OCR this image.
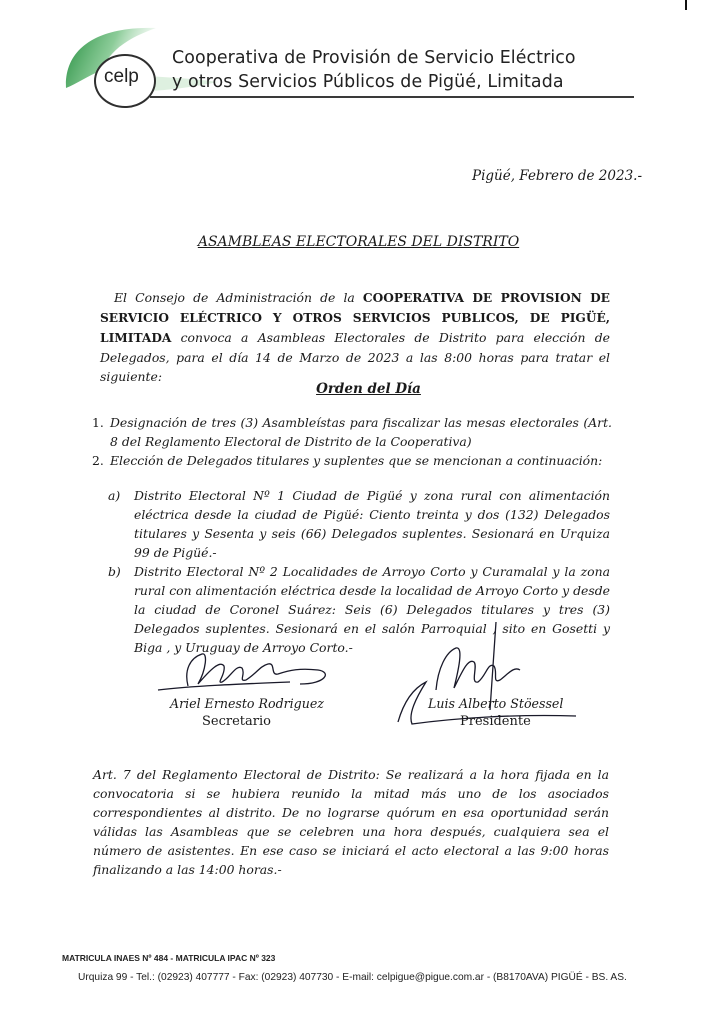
celp
Cooperativa de Provisión de Servicio Eléctrico
y otros Servicios Públicos de Pigüé, Limitada
Pigüé, Febrero de 2023.-
ASAMBLEAS ELECTORALES DEL DISTRITO
El Consejo de Administración de la COOPERATIVA DE PROVISION DE SERVICIO ELÉCTRICO Y OTROS SERVICIOS PUBLICOS, DE PIGÜÉ, LIMITADA convoca a Asambleas Electorales de Distrito para elección de Delegados, para el día 14 de Marzo de 2023 a las 8:00 horas para tratar el siguiente:
Orden del Día
1. Designación de tres (3) Asambleístas para fiscalizar las mesas electorales (Art. 8 del Reglamento Electoral de Distrito de la Cooperativa)
2. Elección de Delegados titulares y suplentes que se mencionan a continuación:
a)	Distrito Electoral Nº 1 Ciudad de Pigüé y zona rural con alimentación eléctrica desde la ciudad de Pigüé: Ciento treinta y dos (132) Delegados titulares y Sesenta y seis (66) Delegados suplentes. Sesionará en Urquiza 99 de Pigüé.-
b)	Distrito Electoral Nº 2 Localidades de Arroyo Corto y Curamalal y la zona rural con alimentación eléctrica desde la localidad de Arroyo Corto y desde la ciudad de Coronel Suárez: Seis (6) Delegados titulares y tres (3) Delegados suplentes. Sesionará en el salón Parroquial , sito en Gosetti y Biga , y Uruguay de Arroyo Corto.-
Ariel Ernesto Rodriguez
Secretario
Luis Alberto Stöessel
Presidente
Art. 7 del Reglamento Electoral de Distrito: Se realizará a la hora fijada en la convocatoria si se hubiera reunido la mitad más uno de los asociados correspondientes al distrito. De no lograrse quórum en esa oportunidad serán válidas las Asambleas que se celebren una hora después, cualquiera sea el número de asistentes. En ese caso se iniciará el acto electoral a las 9:00 horas finalizando a las 14:00 horas.-
MATRICULA INAES Nº 484 - MATRICULA IPAC Nº 323
Urquiza 99 - Tel.: (02923) 407777 - Fax: (02923) 407730 - E-mail: celpigue@pigue.com.ar - (B8170AVA) PIGÜÉ - BS. AS.
